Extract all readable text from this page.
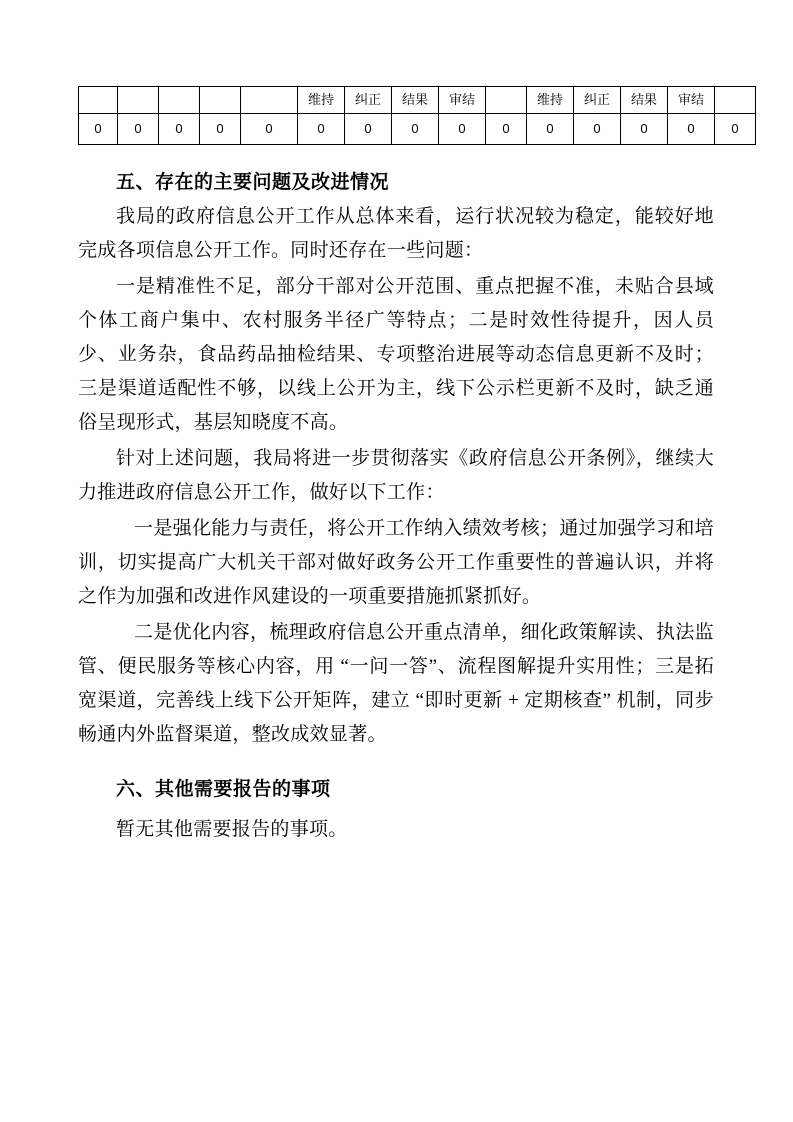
					维持	纠正	结果	审结		维持	纠正	结果	审结	
0	0	0	0	0	0	0	0	0	0	0	0	0	0	0
五、存在的主要问题及改进情况

我局的政府信息公开工作从总体来看，运行状况较为稳定，能较好地完成各项信息公开工作。同时还存在一些问题：

一是精准性不足，部分干部对公开范围、重点把握不准，未贴合县域个体工商户集中、农村服务半径广等特点；二是时效性待提升，因人员少、业务杂，食品药品抽检结果、专项整治进展等动态信息更新不及时；三是渠道适配性不够，以线上公开为主，线下公示栏更新不及时，缺乏通俗呈现形式，基层知晓度不高。

针对上述问题，我局将进一步贯彻落实《政府信息公开条例》，继续大力推进政府信息公开工作，做好以下工作：

一是强化能力与责任，将公开工作纳入绩效考核；通过加强学习和培训，切实提高广大机关干部对做好政务公开工作重要性的普遍认识，并将之作为加强和改进作风建设的一项重要措施抓紧抓好。

二是优化内容，梳理政府信息公开重点清单，细化政策解读、执法监管、便民服务等核心内容，用 “一问一答”、流程图解提升实用性；三是拓宽渠道，完善线上线下公开矩阵，建立 “即时更新 + 定期核查” 机制，同步畅通内外监督渠道，整改成效显著。

六、其他需要报告的事项

暂无其他需要报告的事项。
